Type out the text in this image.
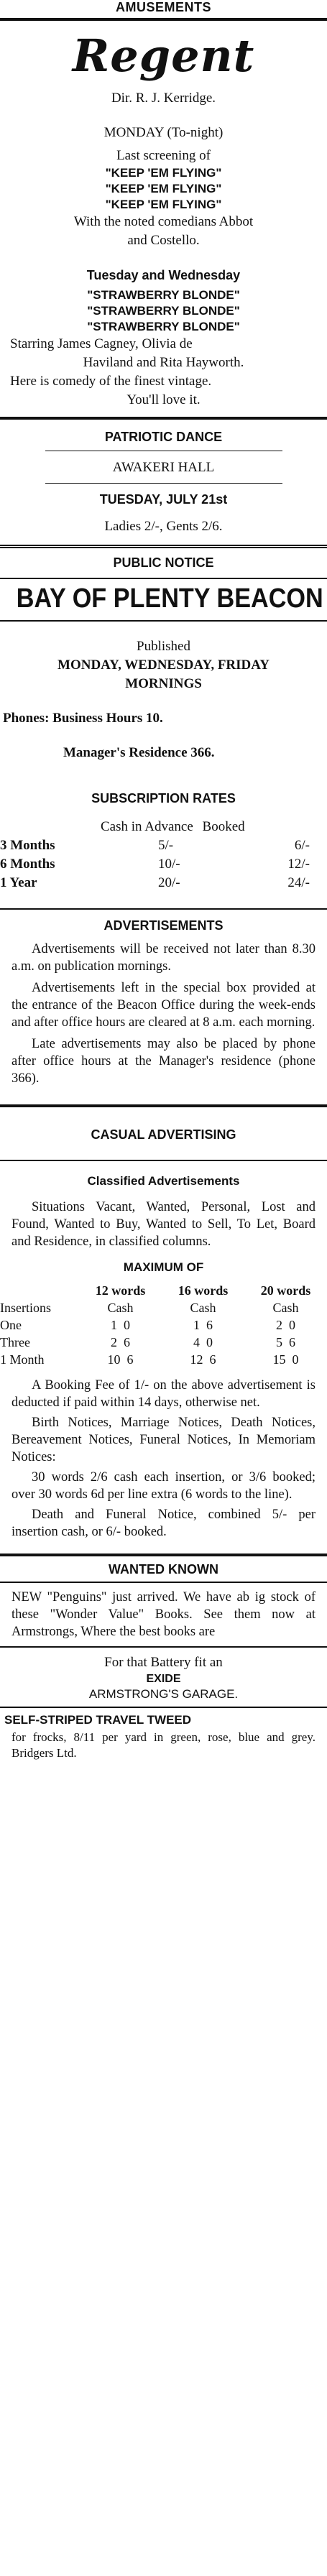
AMUSEMENTS
Regent
Dir. R. J. Kerridge.
MONDAY (To-night)
Last screening of
"KEEP 'EM FLYING"
"KEEP 'EM FLYING"
"KEEP 'EM FLYING"
With the noted comedians Abbot
and Costello.
Tuesday and Wednesday
"STRAWBERRY BLONDE"
"STRAWBERRY BLONDE"
"STRAWBERRY BLONDE"
Starring James Cagney, Olivia de
Haviland and Rita Hayworth.
Here is comedy of the finest vintage.
You'll love it.
PATRIOTIC DANCE
AWAKERI HALL
TUESDAY, JULY 21st
Ladies 2/-, Gents 2/6.
PUBLIC NOTICE
BAY OF PLENTY BEACON
Published
MONDAY, WEDNESDAY, FRIDAY
MORNINGS
Phones: Business Hours 10.
Manager's Residence 366.
SUBSCRIPTION RATES
	Cash in Advance Booked	
3 Months	5/-	6/-
6 Months	10/-	12/-
1 Year	20/-	24/-
ADVERTISEMENTS

Advertisements will be received not later than 8.30 a.m. on publication mornings.

Advertisements left in the special box provided at the entrance of the Beacon Office during the week-ends and after office hours are cleared at 8 a.m. each morning.

Late advertisements may also be placed by phone after office hours at the Manager's residence (phone 366).

CASUAL ADVERTISING
Classified Advertisements

Situations Vacant, Wanted, Personal, Lost and Found, Wanted to Buy, Wanted to Sell, To Let, Board and Residence, in classified columns.

MAXIMUM OF
	12 words	16 words	20 words
Insertions	Cash	Cash	Cash
One	1  0	1  6	2  0
Three	2  6	4  0	5  6
1 Month	10  6	12  6	15  0

A Booking Fee of 1/- on the above advertisement is deducted if paid within 14 days, otherwise net.

Birth Notices, Marriage Notices, Death Notices, Bereavement Notices, Funeral Notices, In Memoriam Notices:

30 words 2/6 cash each insertion, or 3/6 booked; over 30 words 6d per line extra (6 words to the line).

Death and Funeral Notice, combined 5/- per insertion cash, or 6/- booked.

WANTED KNOWN

NEW "Penguins" just arrived. We have ab ig stock of these "Wonder Value" Books. See them now at Armstrongs, Where the best books are

For that Battery fit an
EXIDE
ARMSTRONG'S GARAGE.
SELF-STRIPED TRAVEL TWEED

for frocks, 8/11 per yard in green, rose, blue and grey. Bridgers Ltd.
